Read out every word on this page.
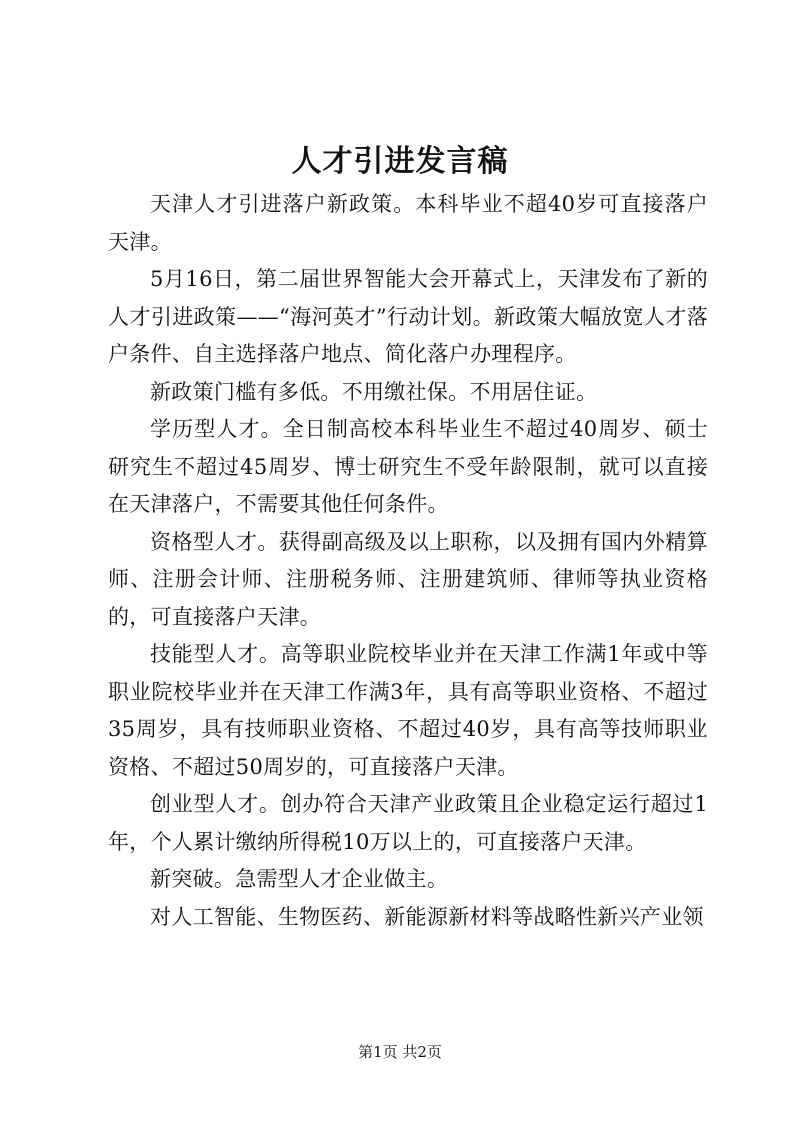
人才引进发言稿

天津人才引进落户新政策。本科毕业不超40岁可直接落户天津。

5月16日，第二届世界智能大会开幕式上，天津发布了新的人才引进政策——“海河英才”行动计划。新政策大幅放宽人才落户条件、自主选择落户地点、简化落户办理程序。

新政策门槛有多低。不用缴社保。不用居住证。

学历型人才。全日制高校本科毕业生不超过40周岁、硕士研究生不超过45周岁、博士研究生不受年龄限制，就可以直接在天津落户，不需要其他任何条件。

资格型人才。获得副高级及以上职称，以及拥有国内外精算师、注册会计师、注册税务师、注册建筑师、律师等执业资格的，可直接落户天津。

技能型人才。高等职业院校毕业并在天津工作满1年或中等职业院校毕业并在天津工作满3年，具有高等职业资格、不超过35周岁，具有技师职业资格、不超过40岁，具有高等技师职业资格、不超过50周岁的，可直接落户天津。

创业型人才。创办符合天津产业政策且企业稳定运行超过1年，个人累计缴纳所得税10万以上的，可直接落户天津。

新突破。急需型人才企业做主。

对人工智能、生物医药、新能源新材料等战略性新兴产业领

第1页 共2页
